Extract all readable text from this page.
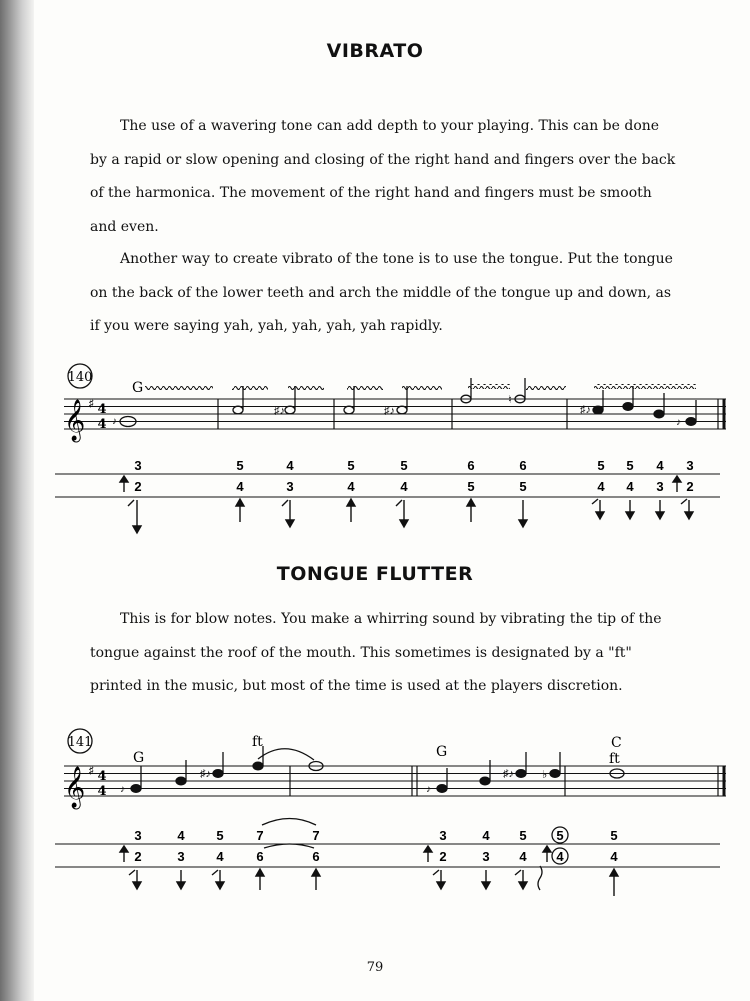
VIBRATO

The use of a wavering tone can add depth to your playing. This can be done
by a rapid or slow opening and closing of the right hand and fingers over the back
of the harmonica. The movement of the right hand and fingers must be smooth
and even.

Another way to create vibrato of the tone is to use the tongue. Put the tongue
on the back of the lower teeth and arch the middle of the tongue up and down, as
if you were saying yah, yah, yah, yah, yah rapidly.

140
G
𝄞 ♯ 4
4 ♪
♯♪	♯♪
♮
♯♪
♪
3	5	4	5	5	6	6	5 5 4 3
2	4	3	4	4	5	5	4 4 3 2
TONGUE FLUTTER

This is for blow notes. You make a whirring sound by vibrating the tip of the
tongue against the roof of the mouth. This sometimes is designated by a "ft"
printed in the music, but most of the time is used at the players discretion.

141
G	G
C
ft
ft
𝄞 ♯ 4
4 ♪
♯♪
♪
♯♪	♭
3	4 5	7	7	3	4 5 5	5
2	3 4	6	6	2	3 4 4	4
79
